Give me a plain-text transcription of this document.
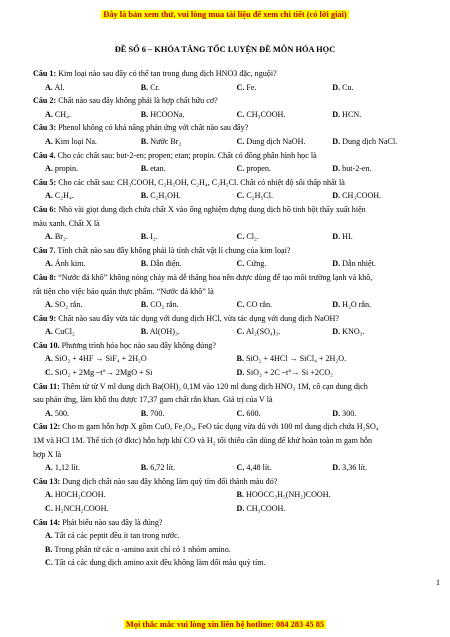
Đây là bản xem thử, vui lòng mua tài liệu để xem chi tiết (có lời giải)
ĐỀ SỐ 6 – KHÓA TĂNG TỐC LUYỆN ĐỀ MÔN HÓA HỌC
Câu 1: Kim loại nào sau đây có thể tan trong dung dịch HNO3 đặc, nguội?
A. Al.	B. Cr.	C. Fe.	D. Cu.
Câu 2: Chất nào sau đây không phải là hợp chất hữu cơ?
A. CH₄.	B. HCOONa.	C. CH₃COOH.	D. HCN.
Câu 3: Phenol không có khả năng phản ứng với chất nào sau đây?
A. Kim loại Na.	B. Nước Br₂	C. Dung dịch NaOH.	D. Dung dịch NaCl.
Câu 4. Cho các chất sau: but-2-en; propen; etan; propin. Chất có đồng phân hình học là
A. propin.	B. etan.	C. propen.	D. but-2-en.
Câu 5: Cho các chất sau: CH₃COOH, C₂H₅OH, C₂H₄, C₂H₅Cl. Chất có nhiệt độ sôi thấp nhất là
A. C₂H₄.	B. C₂H₅OH.	C. C₂H₅Cl.	D. CH₃COOH.
Câu 6: Nhỏ vài giọt dung dịch chứa chất X vào ống nghiệm đựng dung dịch hồ tinh bột thấy xuất hiện
màu xanh. Chất X là
A. Br₂.	B. I₂.	C. Cl₂.	D. HI.
Câu 7. Tính chất nào sau đây không phải là tính chất vật lí chung của kim loại?
A. Ánh kim.	B. Dẫn điện.	C. Cứng.	D. Dẫn nhiệt.
Câu 8: “Nước đá khô” không nóng chảy mà dễ thăng hoa nên được dùng để tạo môi trường lạnh và khô,
rất tiện cho việc bảo quản thực phẩm. “Nước đá khô” là
A. SO₂ rắn.	B. CO₂ rắn.	C. CO rắn.	D. H₂O rắn.
Câu 9: Chất nào sau đây vừa tác dụng với dung dịch HCl, vừa tác dụng với dung dịch NaOH?
A. CuCl₂	B. Al(OH)₃.	C. Al₂(SO₄)₃.	D. KNO₃.
Câu 10. Phương trình hóa học nào sau đây không đúng?
A. SiO₂ + 4HF → SiF₄ + 2H₂O	B. SiO₂ + 4HCl → SiCl₄ + 2H₂O.
C. SiO₂ + 2Mg ⎯t°→ 2MgO + Si	D. SiO₂ + 2C ⎯t°→ Si +2CO₂
Câu 11: Thêm từ từ V ml dung dịch Ba(OH)₂ 0,1M vào 120 ml dung dịch HNO₃ 1M, cô cạn dung dịch
sau phản ứng, làm khô thu được 17,37 gam chất rắn khan. Giá trị của V là
A. 500.	B. 700.	C. 600.	D. 300.
Câu 12: Cho m gam hỗn hợp X gồm CuO, Fe₂O₃, FeO tác dụng vừa đủ với 100 ml dung dịch chứa H₂SO₄
1M và HCl 1M. Thể tích (ở đktc) hỗn hợp khí CO và H₂ tối thiểu cần dùng để khử hoàn toàn m gam hỗn
hợp X là
A. 1,12 lít.	B. 6,72 lít.	C. 4,48 lít.	D. 3,36 lít.
Câu 13: Dung dịch chất nào sau đây không làm quỳ tím đổi thành màu đỏ?
A. HOCH₂COOH.	B. HOOCC₃H₅(NH₂)COOH.
C. H₂NCH₂COOH.	D. CH₃COOH.
Câu 14: Phát biểu nào sau đây là đúng?
A. Tất cả các peptit đều ít tan trong nước.
B. Trong phân tử các α -amino axit chỉ có 1 nhóm amino.
C. Tất cả các dung dịch amino axit đều không làm đổi màu quỳ tím.
1
Mọi thắc mắc vui lòng xin liên hệ hotline: 084 283 45 85
